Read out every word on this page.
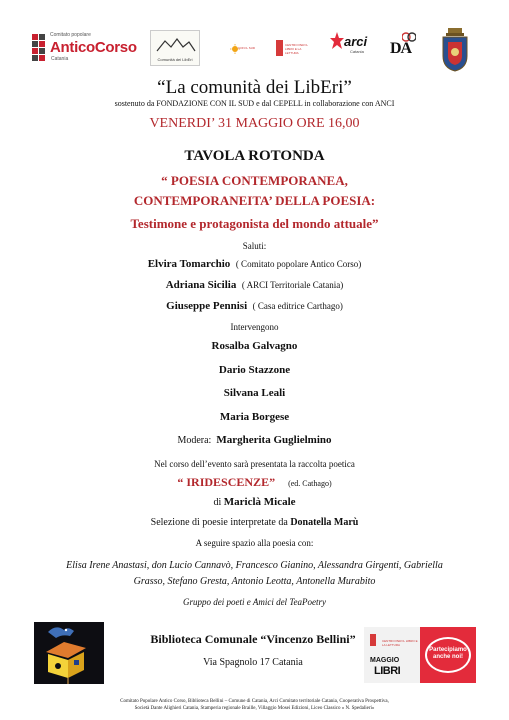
Comitato popolare
AnticoCorso
Catania	Comunità dei LibEri
CON IL SUD
CENTRO PER IL LIBRO E LA LETTURA
arci
Catania DA
“La comunità dei LibEri”
sostenuto da FONDAZIONE CON IL SUD e dal CEPELL in collaborazione con ANCI
VENERDI’ 31 MAGGIO ORE 16,00
TAVOLA ROTONDA
“ POESIA CONTEMPORANEA,
CONTEMPORANEITA’ DELLA POESIA:
Testimone e protagonista del mondo attuale”
Saluti:
Elvira Tomarchio ( Comitato popolare Antico Corso)
Adriana Sicilia ( ARCI Territoriale Catania)
Giuseppe Pennisi ( Casa editrice Carthago)
Intervengono
Rosalba Galvagno
Dario Stazzone
Silvana Leali
Maria Borgese
Modera: Margherita Guglielmino
Nel corso dell’evento sarà presentata la raccolta poetica
“ IRIDESCENZE” (ed. Cathago)
di Mariclà Micale
Selezione di poesie interpretate da Donatella Marù
A seguire spazio alla poesia con:
Elisa Irene Anastasi, don Lucio Cannavò, Francesco Gianino, Alessandra Girgenti, Gabriella
Grasso, Stefano Gresta, Antonio Leotta, Antonella Murabito
Gruppo dei poeti e Amici del TeaPoetry
Biblioteca Comunale “Vincenzo Bellini”
Via Spagnolo 17 Catania
CENTRO PER IL LIBRO E LA LETTURA
MAGGIO
LIBRI
Partecipiamo anche noi!
Comitato Popolare Antico Corso, Biblioteca Bellini – Comune di Catania, Arci Comitato territoriale Catania, Cooperativa Prospettiva,
Società Dante Alighieri Catania, Stamperia regionale Braille, Villaggio Mosei Edizioni, Liceo Classico « N. Spedalieri»
